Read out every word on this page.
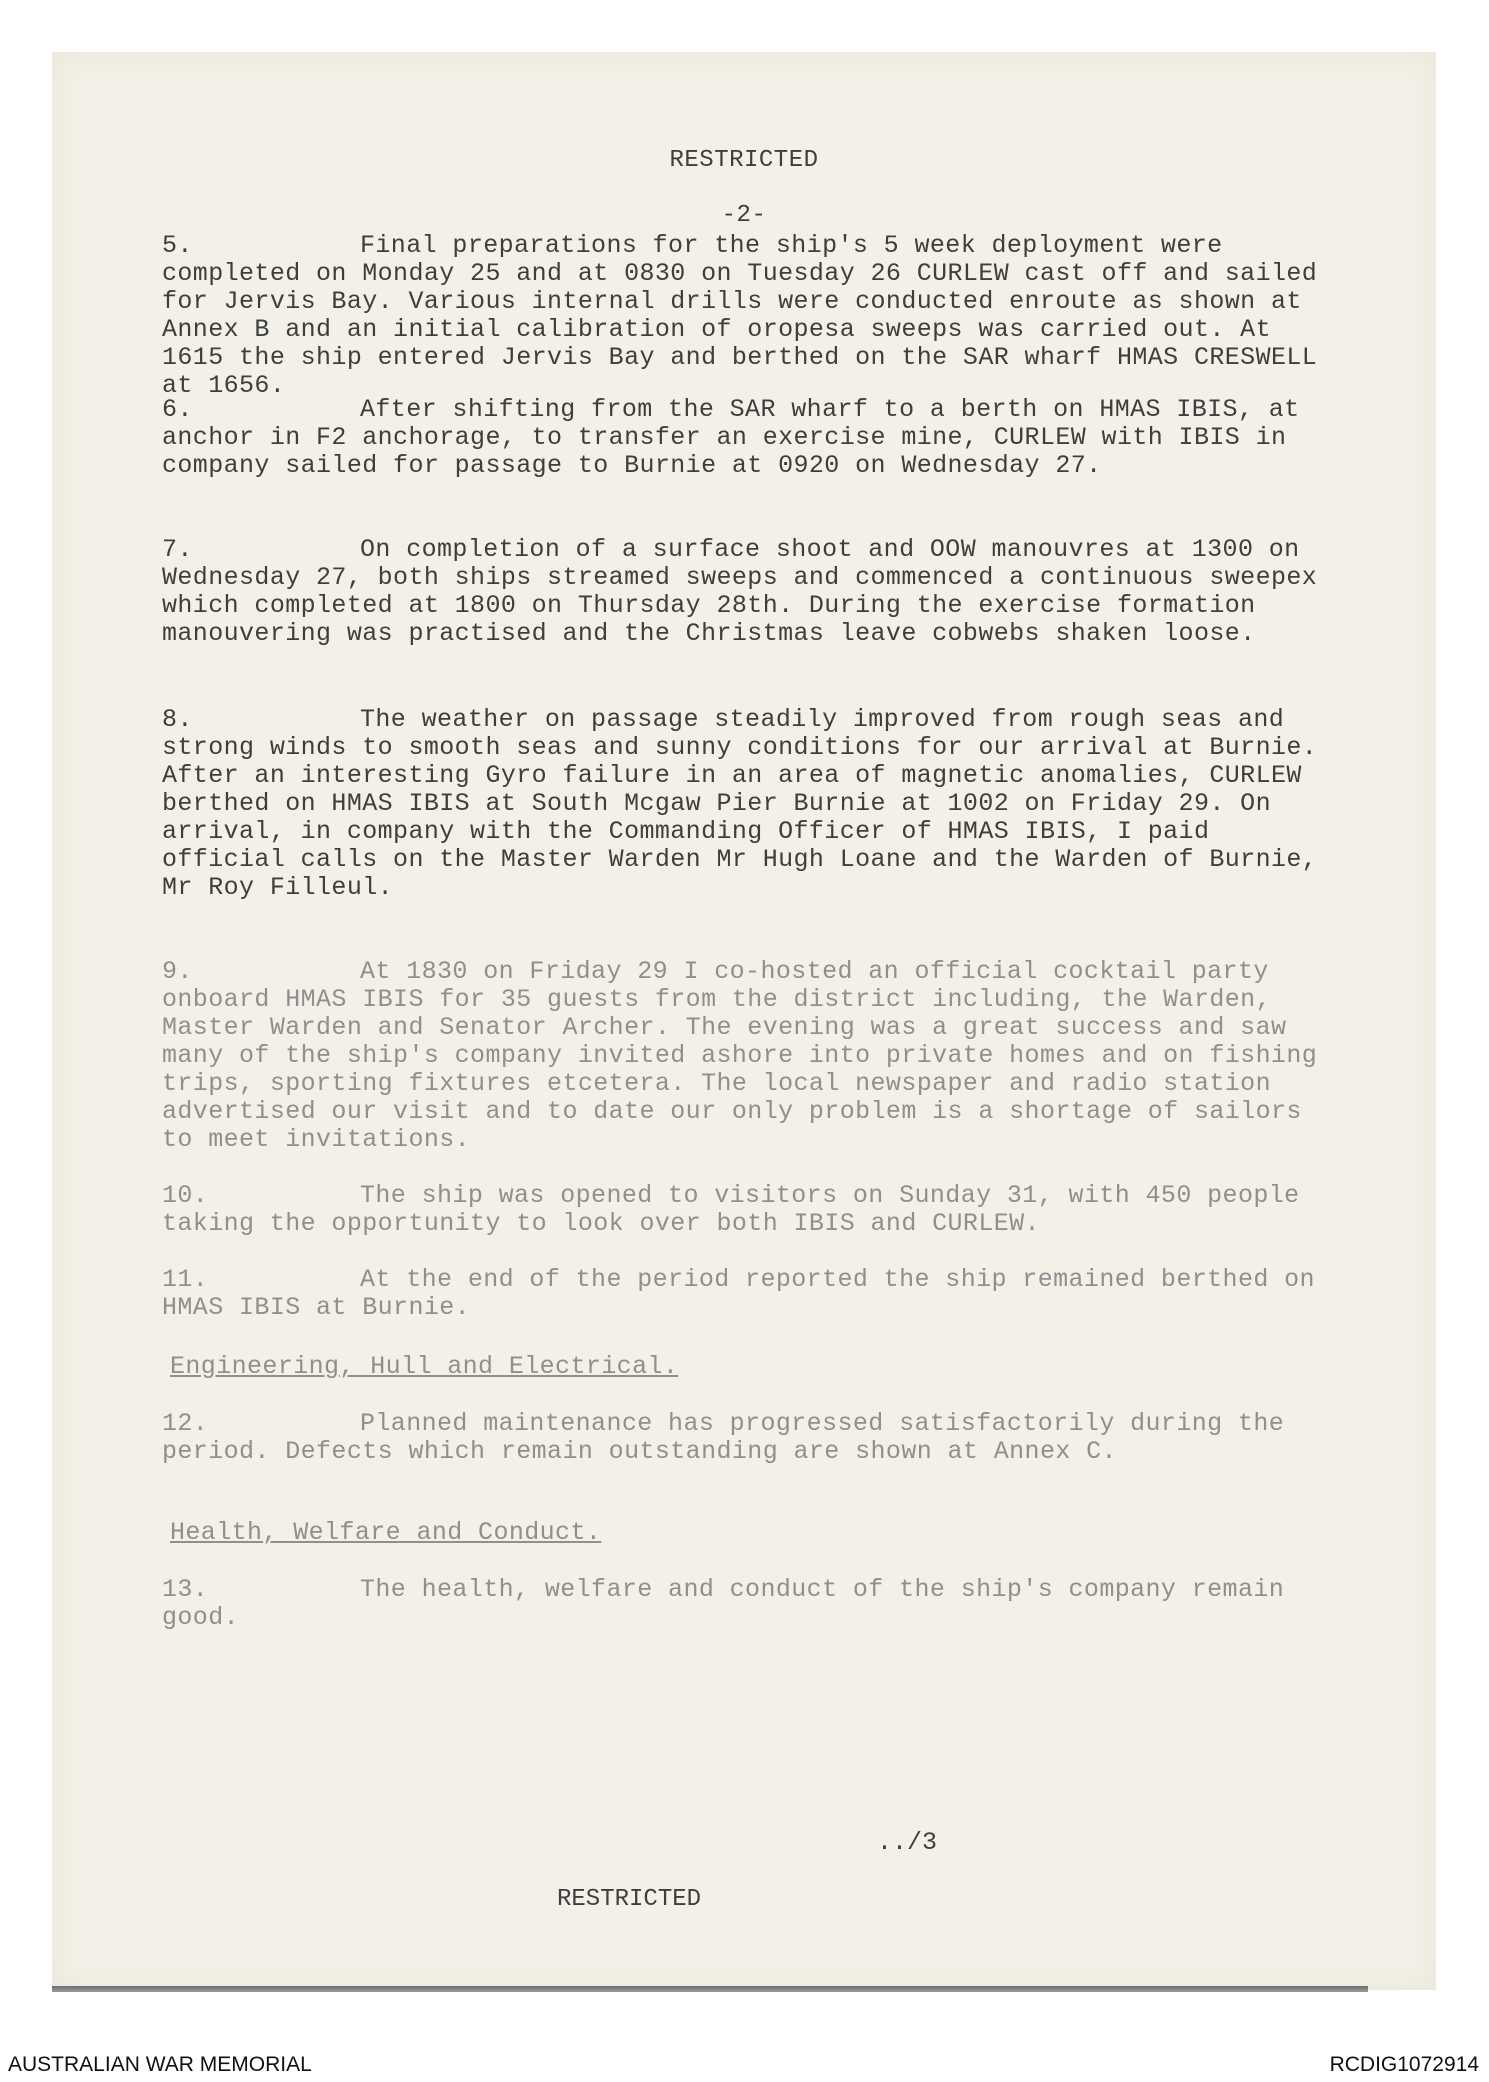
RESTRICTED
-2-
5.	Final preparations for the ship's 5 week deployment were completed on Monday 25 and at 0830 on Tuesday 26 CURLEW cast off and sailed for Jervis Bay. Various internal drills were conducted enroute as shown at Annex B and an initial calibration of oropesa sweeps was carried out. At 1615 the ship entered Jervis Bay and berthed on the SAR wharf HMAS CRESWELL at 1656.
6.	After shifting from the SAR wharf to a berth on HMAS IBIS, at anchor in F2 anchorage, to transfer an exercise mine, CURLEW with IBIS in company sailed for passage to Burnie at 0920 on Wednesday 27.
7.	On completion of a surface shoot and OOW manouvres at 1300 on Wednesday 27, both ships streamed sweeps and commenced a continuous sweepex which completed at 1800 on Thursday 28th. During the exercise formation manouvering was practised and the Christmas leave cobwebs shaken loose.
8.	The weather on passage steadily improved from rough seas and strong winds to smooth seas and sunny conditions for our arrival at Burnie. After an interesting Gyro failure in an area of magnetic anomalies, CURLEW berthed on HMAS IBIS at South Mcgaw Pier Burnie at 1002 on Friday 29. On arrival, in company with the Commanding Officer of HMAS IBIS, I paid official calls on the Master Warden Mr Hugh Loane and the Warden of Burnie, Mr Roy Filleul.
9.	At 1830 on Friday 29 I co-hosted an official cocktail party onboard HMAS IBIS for 35 guests from the district including, the Warden, Master Warden and Senator Archer. The evening was a great success and saw many of the ship's company invited ashore into private homes and on fishing trips, sporting fixtures etcetera. The local newspaper and radio station advertised our visit and to date our only problem is a shortage of sailors to meet invitations.
10.	The ship was opened to visitors on Sunday 31, with 450 people taking the opportunity to look over both IBIS and CURLEW.
11.	At the end of the period reported the ship remained berthed on HMAS IBIS at Burnie.
Engineering, Hull and Electrical.
12.	Planned maintenance has progressed satisfactorily during the period. Defects which remain outstanding are shown at Annex C.
Health, Welfare and Conduct.
13.	The health, welfare and conduct of the ship's company remain good.
../3
RESTRICTED
AUSTRALIAN WAR MEMORIAL	RCDIG1072914
